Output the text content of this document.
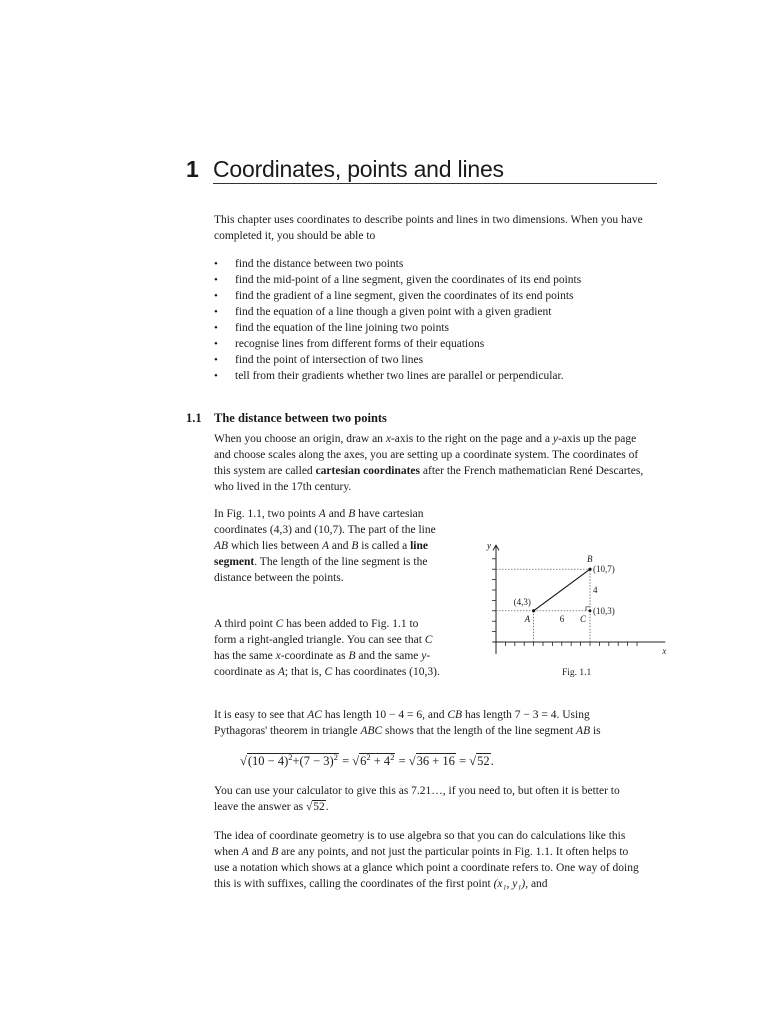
1 Coordinates, points and lines

This chapter uses coordinates to describe points and lines in two dimensions. When you have completed it, you should be able to

• find the distance between two points
• find the mid-point of a line segment, given the coordinates of its end points
• find the gradient of a line segment, given the coordinates of its end points
• find the equation of a line though a given point with a given gradient
• find the equation of the line joining two points
• recognise lines from different forms of their equations
• find the point of intersection of two lines
• tell from their gradients whether two lines are parallel or perpendicular.
1.1 The distance between two points

When you choose an origin, draw an x-axis to the right on the page and a y-axis up the page and choose scales along the axes, you are setting up a coordinate system. The coordinates of this system are called cartesian coordinates after the French mathematician René Descartes, who lived in the 17th century.

In Fig. 1.1, two points A and B have cartesian coordinates (4,3) and (10,7). The part of the line AB which lies between A and B is called a line segment. The length of the line segment is the distance between the points.

A third point C has been added to Fig. 1.1 to form a right-angled triangle. You can see that C has the same x-coordinate as B and the same y-coordinate as A; that is, C has coordinates (10,3).

y
x
B
(10,7)
(4,3)
A	C
(10,3)
6
4
Fig. 1.1

It is easy to see that AC has length 10 − 4 = 6, and CB has length 7 − 3 = 4. Using Pythagoras' theorem in triangle ABC shows that the length of the line segment AB is

$√(10 - 4)^2+(7 - 3)^2 = √6^2 + 4^2 = √36 + 16 = √52$.

You can use your calculator to give this as 7.21…, if you need to, but often it is better to leave the answer as √52.

The idea of coordinate geometry is to use algebra so that you can do calculations like this when A and B are any points, and not just the particular points in Fig. 1.1. It often helps to use a notation which shows at a glance which point a coordinate refers to. One way of doing this is with suffixes, calling the coordinates of the first point (x₁, y₁), and
